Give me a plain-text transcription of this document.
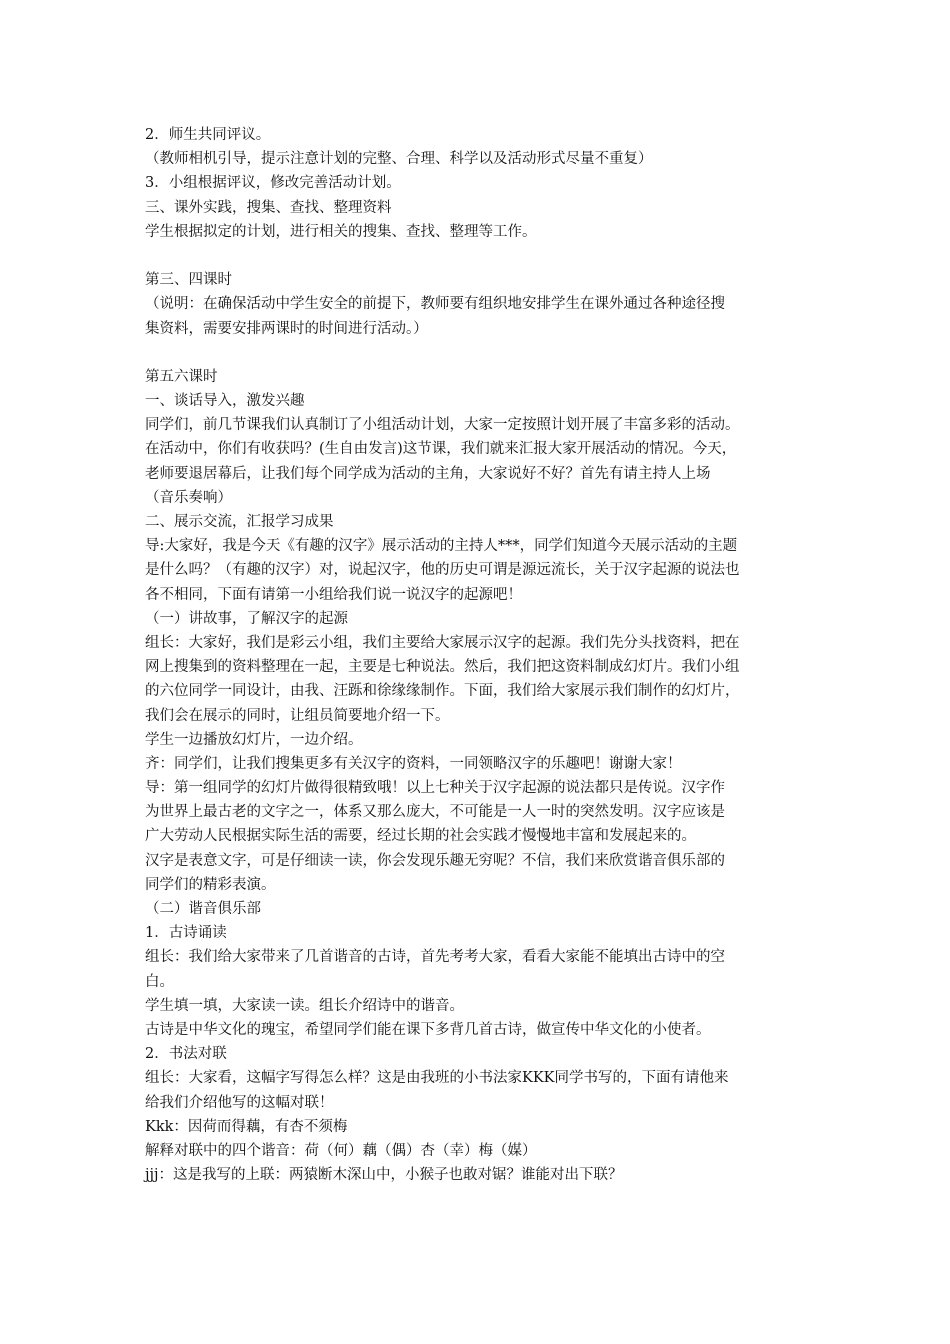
2．师生共同评议。
（教师相机引导，提示注意计划的完整、合理、科学以及活动形式尽量不重复）
3．小组根据评议，修改完善活动计划。
三、课外实践，搜集、查找、整理资料
学生根据拟定的计划，进行相关的搜集、查找、整理等工作。
第三、四课时
（说明：在确保活动中学生安全的前提下，教师要有组织地安排学生在课外通过各种途径搜
集资料，需要安排两课时的时间进行活动。）
第五六课时
一、谈话导入，激发兴趣
同学们，前几节课我们认真制订了小组活动计划，大家一定按照计划开展了丰富多彩的活动。
在活动中，你们有收获吗？(生自由发言)这节课，我们就来汇报大家开展活动的情况。今天，
老师要退居幕后，让我们每个同学成为活动的主角，大家说好不好？首先有请主持人上场
（音乐奏响）
二、展示交流，汇报学习成果
导:大家好，我是今天《有趣的汉字》展示活动的主持人***，同学们知道今天展示活动的主题
是什么吗？（有趣的汉字）对，说起汉字，他的历史可谓是源远流长，关于汉字起源的说法也
各不相同，下面有请第一小组给我们说一说汉字的起源吧！
（一）讲故事，了解汉字的起源
组长：大家好，我们是彩云小组，我们主要给大家展示汉字的起源。我们先分头找资料，把在
网上搜集到的资料整理在一起，主要是七种说法。然后，我们把这资料制成幻灯片。我们小组
的六位同学一同设计，由我、汪跞和徐缘缘制作。下面，我们给大家展示我们制作的幻灯片，
我们会在展示的同时，让组员简要地介绍一下。
学生一边播放幻灯片，一边介绍。
齐：同学们，让我们搜集更多有关汉字的资料，一同领略汉字的乐趣吧！谢谢大家！
导：第一组同学的幻灯片做得很精致哦！以上七种关于汉字起源的说法都只是传说。汉字作
为世界上最古老的文字之一，体系又那么庞大，不可能是一人一时的突然发明。汉字应该是
广大劳动人民根据实际生活的需要，经过长期的社会实践才慢慢地丰富和发展起来的。
汉字是表意文字，可是仔细读一读，你会发现乐趣无穷呢？不信，我们来欣赏谐音俱乐部的
同学们的精彩表演。
（二）谐音俱乐部
1．古诗诵读
组长：我们给大家带来了几首谐音的古诗，首先考考大家，看看大家能不能填出古诗中的空
白。
学生填一填，大家读一读。组长介绍诗中的谐音。
古诗是中华文化的瑰宝，希望同学们能在课下多背几首古诗，做宣传中华文化的小使者。
2．书法对联
组长：大家看，这幅字写得怎么样？这是由我班的小书法家KKK同学书写的，下面有请他来
给我们介绍他写的这幅对联！
Kkk：因荷而得藕，有杏不须梅
解释对联中的四个谐音：荷（何）藕（偶）杏（幸）梅（媒）
jjj：这是我写的上联：两猿断木深山中，小猴子也敢对锯？谁能对出下联？
